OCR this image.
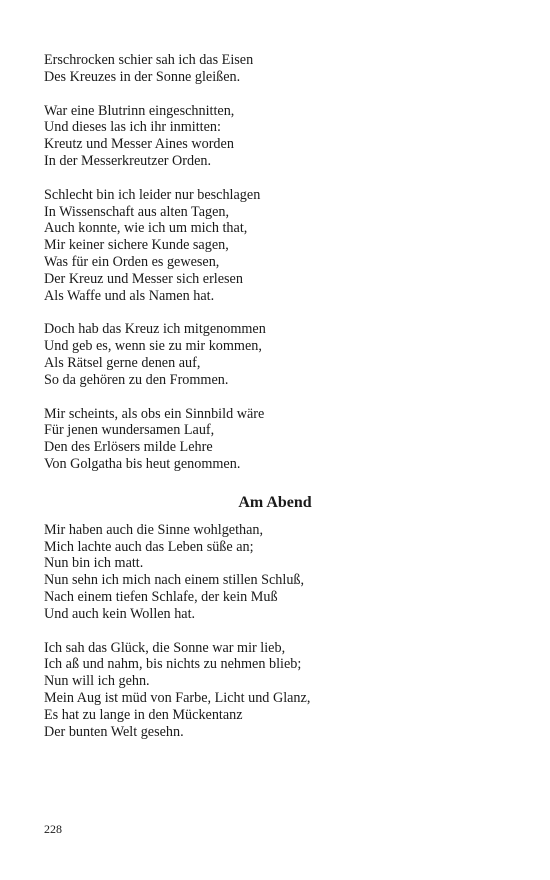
Erschrocken schier sah ich das Eisen
Des Kreuzes in der Sonne gleißen.
War eine Blutrinn eingeschnitten,
Und dieses las ich ihr inmitten:
Kreutz und Messer Aines worden
In der Messerkreutzer Orden.
Schlecht bin ich leider nur beschlagen
In Wissenschaft aus alten Tagen,
Auch konnte, wie ich um mich that,
Mir keiner sichere Kunde sagen,
Was für ein Orden es gewesen,
Der Kreuz und Messer sich erlesen
Als Waffe und als Namen hat.
Doch hab das Kreuz ich mitgenommen
Und geb es, wenn sie zu mir kommen,
Als Rätsel gerne denen auf,
So da gehören zu den Frommen.
Mir scheints, als obs ein Sinnbild wäre
Für jenen wundersamen Lauf,
Den des Erlösers milde Lehre
Von Golgatha bis heut genommen.
Am Abend
Mir haben auch die Sinne wohlgethan,
Mich lachte auch das Leben süße an;
Nun bin ich matt.
Nun sehn ich mich nach einem stillen Schluß,
Nach einem tiefen Schlafe, der kein Muß
Und auch kein Wollen hat.
Ich sah das Glück, die Sonne war mir lieb,
Ich aß und nahm, bis nichts zu nehmen blieb;
Nun will ich gehn.
Mein Aug ist müd von Farbe, Licht und Glanz,
Es hat zu lange in den Mückentanz
Der bunten Welt gesehn.
228
